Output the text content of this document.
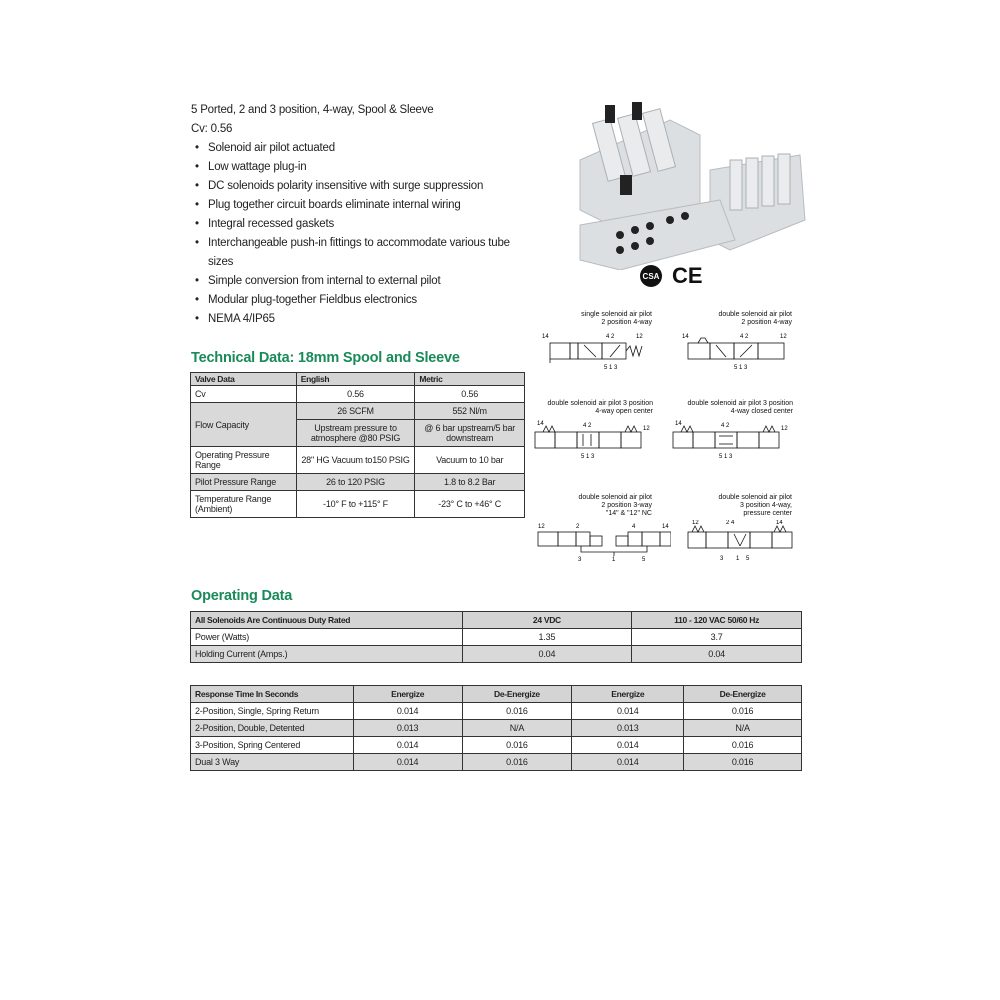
5 Ported, 2 and 3 position, 4-way, Spool & Sleeve
Cv: 0.56
• Solenoid air pilot actuated
• Low wattage plug-in
• DC solenoids polarity insensitive with surge suppression
• Plug together circuit boards eliminate internal wiring
• Integral recessed gaskets
• Interchangeable push-in fittings to accommodate various tube sizes
• Simple conversion from internal to external pilot
• Modular plug-together Fieldbus electronics
• NEMA 4/IP65
CSA CE
single solenoid air pilot
2 position 4-way
14	4 2	12
5 1 3
double solenoid air pilot
2 position 4-way
14	4 2	12
5 1 3
double solenoid air pilot 3 position
4-way open center
14	4 2	12
5 1 3
double solenoid air pilot 3 position
4-way closed center
14	4 2	12
5 1 3
double solenoid air pilot
2 position 3-way
"14" & "12" NC
12	2	4	14
3	1	5
double solenoid air pilot
3 position 4-way,
pressure center
12	2 4	14
3 1 5
Technical Data: 18mm Spool and Sleeve
Valve Data	English	Metric
Cv	0.56	0.56
Flow Capacity	26 SCFM	552 Nl/m
	Upstream pressure to atmosphere @80 PSIG	@ 6 bar upstream/5 bar downstream
Operating Pressure Range	28" HG Vacuum to150 PSIG	Vacuum to 10 bar
Pilot Pressure Range	26 to 120 PSIG	1.8 to 8.2 Bar
Temperature Range (Ambient)	-10° F to +115° F	-23° C to +46° C
Operating Data
All Solenoids Are Continuous Duty Rated	24 VDC	110 - 120 VAC 50/60 Hz
Power (Watts)	1.35	3.7
Holding Current (Amps.)	0.04	0.04
Response Time In Seconds	Energize	De-Energize	Energize	De-Energize
2-Position, Single, Spring Return	0.014	0.016	0.014	0.016
2-Position, Double, Detented	0.013	N/A	0.013	N/A
3-Position, Spring Centered	0.014	0.016	0.014	0.016
Dual 3 Way	0.014	0.016	0.014	0.016
